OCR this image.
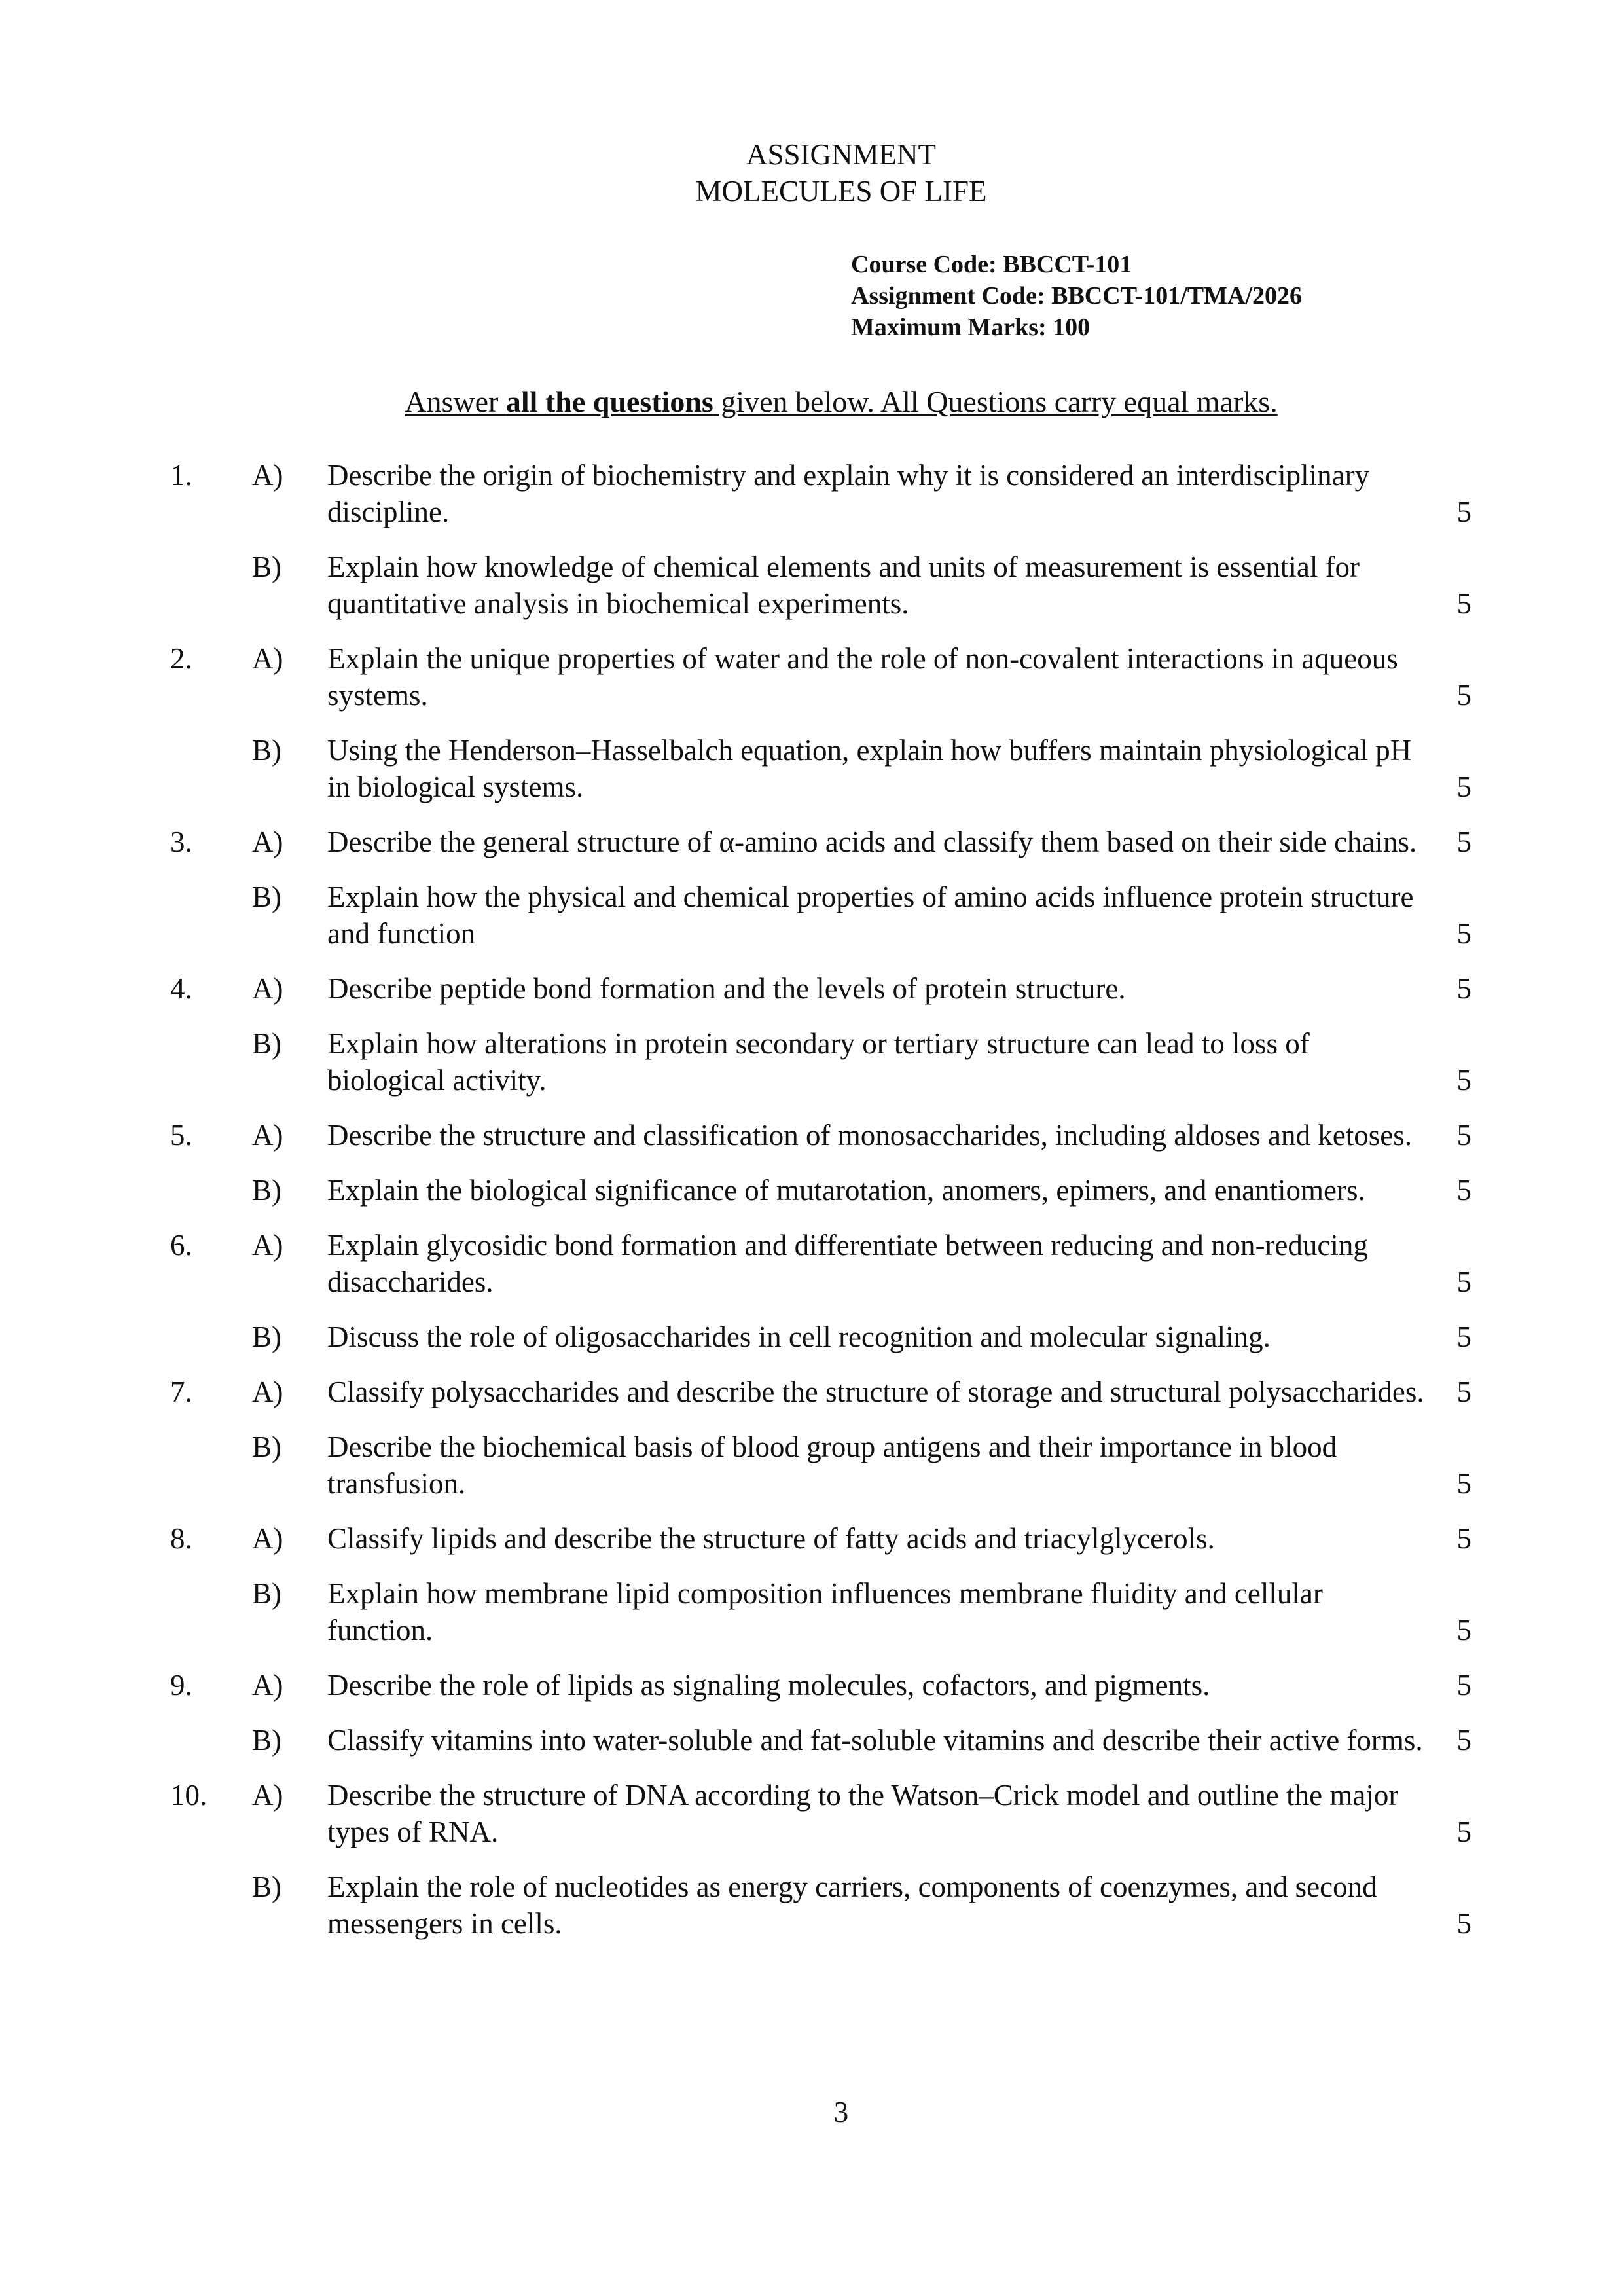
ASSIGNMENT
MOLECULES OF LIFE
Course Code: BBCCT-101
Assignment Code: BBCCT-101/TMA/2026
Maximum Marks: 100
Answer all the questions given below. All Questions carry equal marks.
1. A) Describe the origin of biochemistry and explain why it is considered an interdisciplinary discipline.	5
B) Explain how knowledge of chemical elements and units of measurement is essential for quantitative analysis in biochemical experiments.	5
2. A) Explain the unique properties of water and the role of non-covalent interactions in aqueous systems.	5
B) Using the Henderson–Hasselbalch equation, explain how buffers maintain physiological pH in biological systems.	5
3. A) Describe the general structure of α-amino acids and classify them based on their side chains.	5
B) Explain how the physical and chemical properties of amino acids influence protein structure and function	5
4. A) Describe peptide bond formation and the levels of protein structure.	5
B) Explain how alterations in protein secondary or tertiary structure can lead to loss of biological activity.	5
5. A) Describe the structure and classification of monosaccharides, including aldoses and ketoses.	5
B) Explain the biological significance of mutarotation, anomers, epimers, and enantiomers.	5
6. A) Explain glycosidic bond formation and differentiate between reducing and non-reducing disaccharides.	5
B) Discuss the role of oligosaccharides in cell recognition and molecular signaling.	5
7. A) Classify polysaccharides and describe the structure of storage and structural polysaccharides. 5
B) Describe the biochemical basis of blood group antigens and their importance in blood transfusion.	5
8. A) Classify lipids and describe the structure of fatty acids and triacylglycerols.	5
B) Explain how membrane lipid composition influences membrane fluidity and cellular function.	5
9. A) Describe the role of lipids as signaling molecules, cofactors, and pigments.	5
B) Classify vitamins into water-soluble and fat-soluble vitamins and describe their active forms. 5
10. A) Describe the structure of DNA according to the Watson–Crick model and outline the major types of RNA.	5
B) Explain the role of nucleotides as energy carriers, components of coenzymes, and second messengers in cells.	5
3
